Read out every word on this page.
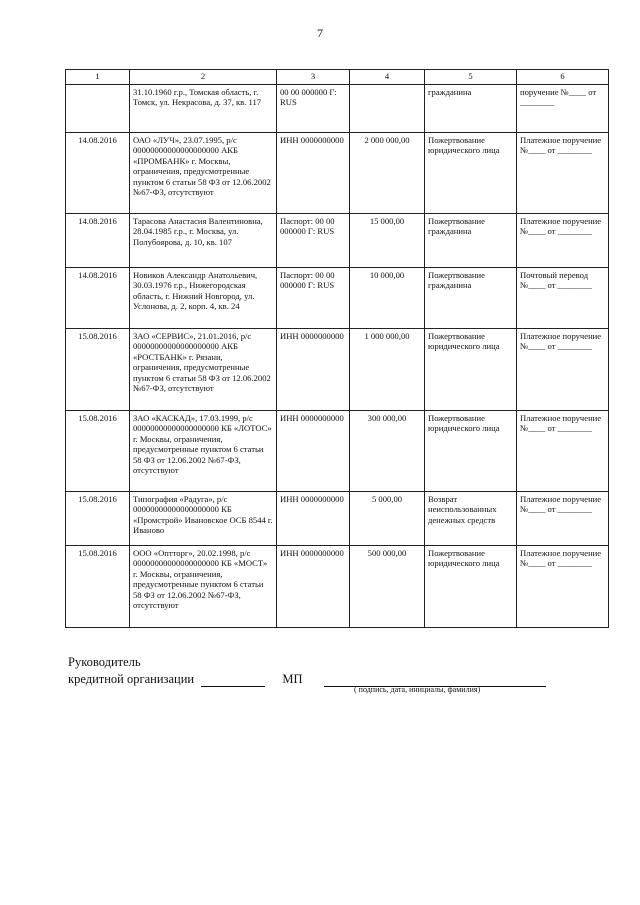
7
1	2	3	4	5	6
	31.10.1960 г.р., Томская область, г. Томск, ул. Некрасова, д. 37, кв. 117	00 00 000000 Г: RUS		гражданина	поручение №____ от ________
14.08.2016	ОАО «ЛУЧ», 23.07.1995, р/с 00000000000000000000 АКБ «ПРОМБАНК» г. Москвы, ограничения, предусмотренные пунктом 6 статьи 58 ФЗ от 12.06.2002 №67-ФЗ, отсутствуют	ИНН 0000000000	2 000 000,00	Пожертвование юридического лица	Платежное поручение №____ от ________
14.08.2016	Тарасова Анастасия Валентиновна, 28.04.1985 г.р., г. Москва, ул. Полубоярова, д. 10, кв. 107	Паспорт: 00 00 000000 Г: RUS	15 000,00	Пожертвование гражданина	Платежное поручение №____ от ________
14.08.2016	Новиков Александр Анатольевич, 30.03.1976 г.р., Нижегородская область, г. Нижний Новгород, ул. Услонова, д. 2, корп. 4, кв. 24	Паспорт: 00 00 000000 Г: RUS	10 000,00	Пожертвование гражданина	Почтовый перевод №____ от ________
15.08.2016	ЗАО «СЕРВИС», 21.01.2016, р/с 00000000000000000000 АКБ «РОСТБАНК» г. Рязани, ограничения, предусмотренные пунктом 6 статьи 58 ФЗ от 12.06.2002 №67-ФЗ, отсутствуют	ИНН 0000000000	1 000 000,00	Пожертвование юридического лица	Платежное поручение №____ от ________
15.08.2016	ЗАО «КАСКАД», 17.03.1999, р/с 00000000000000000000 КБ «ЛОТОС» г. Москвы, ограничения, предусмотренные пунктом 6 статьи 58 ФЗ от 12.06.2002 №67-ФЗ, отсутствуют	ИНН 0000000000	300 000,00	Пожертвование юридического лица	Платежное поручение №____ от ________
15.08.2016	Типография «Радуга», р/с 00000000000000000000 КБ «Промстрой» Ивановское ОСБ 8544 г. Иваново	ИНН 0000000000	5 000,00	Возврат неиспользованных денежных средств	Платежное поручение №____ от ________
15.08.2016	ООО «Оптторг», 20.02.1998, р/с 00000000000000000000 КБ «МОСТ» г. Москвы, ограничения, предусмотренные пунктом 6 статьи 58 ФЗ от 12.06.2002 №67-ФЗ, отсутствуют	ИНН 0000000000	500 000,00	Пожертвование юридического лица	Платежное поручение №____ от ________
Руководитель
кредитной организации	МП
( подпись, дата, инициалы, фамилия)
